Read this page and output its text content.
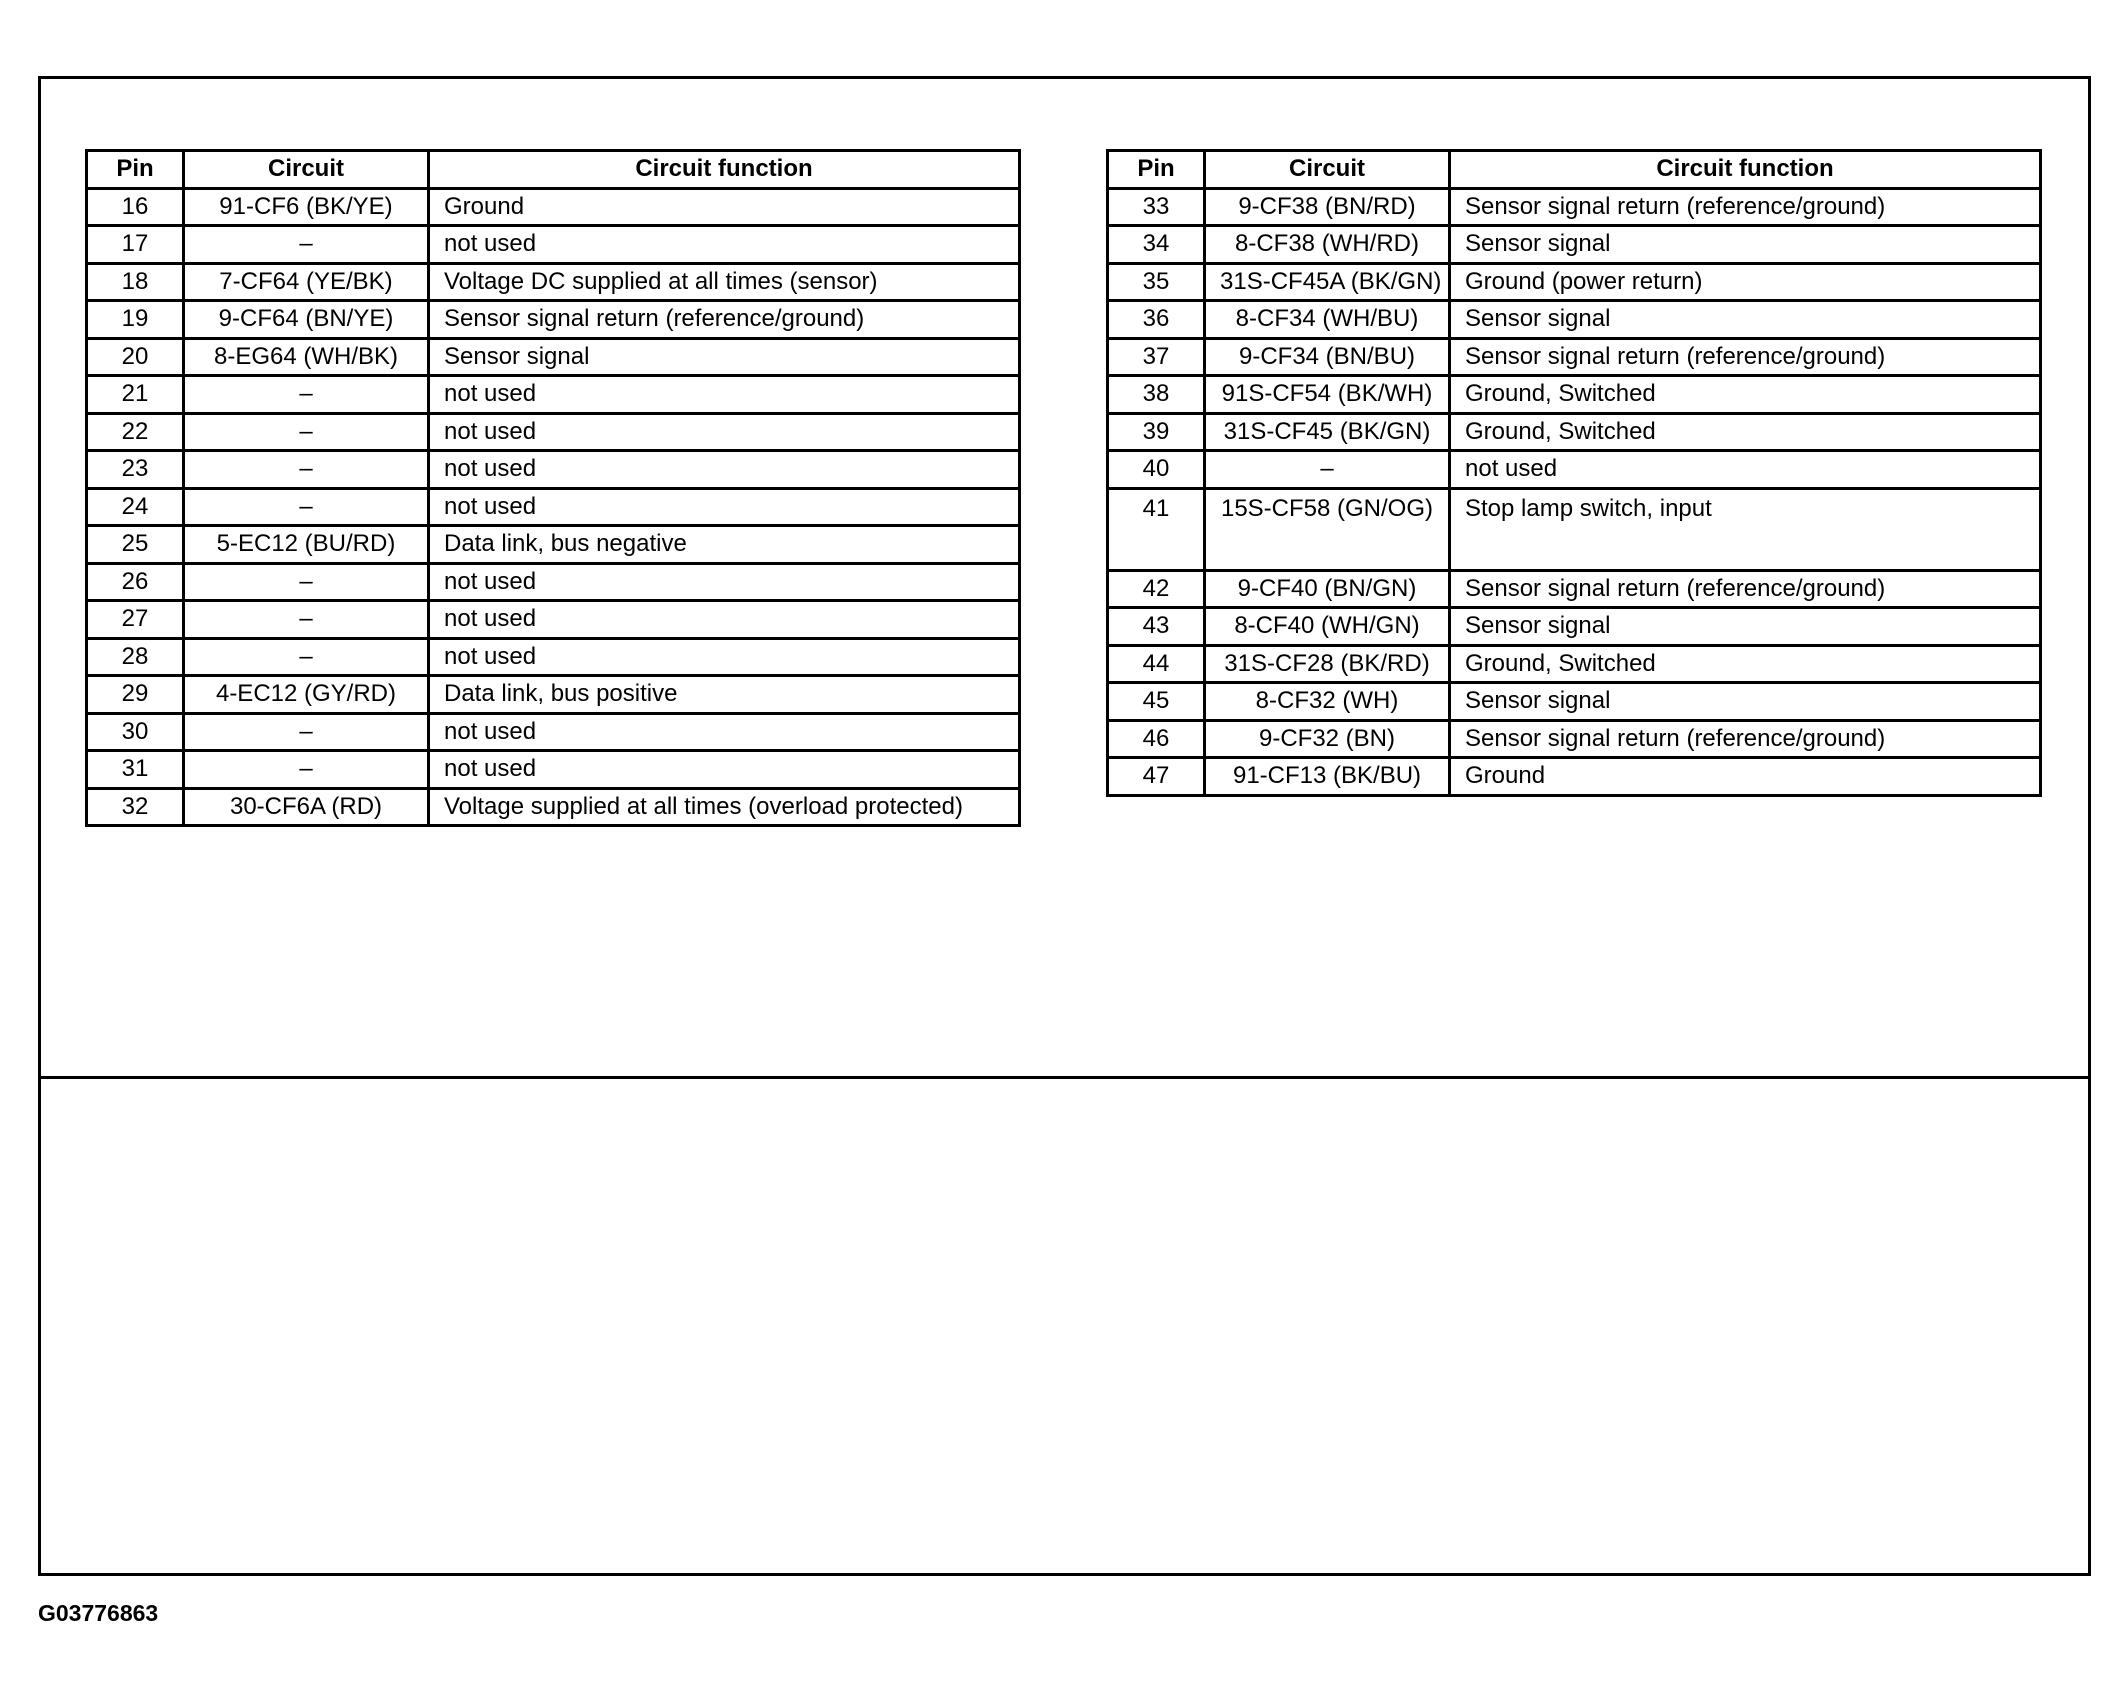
Pin	Circuit	Circuit function
16	91-CF6 (BK/YE)	Ground
17	–	not used
18	7-CF64 (YE/BK)	Voltage DC supplied at all times (sensor)
19	9-CF64 (BN/YE)	Sensor signal return (reference/ground)
20	8-EG64 (WH/BK)	Sensor signal
21	–	not used
22	–	not used
23	–	not used
24	–	not used
25	5-EC12 (BU/RD)	Data link, bus negative
26	–	not used
27	–	not used
28	–	not used
29	4-EC12 (GY/RD)	Data link, bus positive
30	–	not used
31	–	not used
32	30-CF6A (RD)	Voltage supplied at all times (overload protected)
Pin	Circuit	Circuit function
33	9-CF38 (BN/RD)	Sensor signal return (reference/ground)
34	8-CF38 (WH/RD)	Sensor signal
35	31S-CF45A (BK/GN)	Ground (power return)
36	8-CF34 (WH/BU)	Sensor signal
37	9-CF34 (BN/BU)	Sensor signal return (reference/ground)
38	91S-CF54 (BK/WH)	Ground, Switched
39	31S-CF45 (BK/GN)	Ground, Switched
40	–	not used
41	15S-CF58 (GN/OG)	Stop lamp switch, input
42	9-CF40 (BN/GN)	Sensor signal return (reference/ground)
43	8-CF40 (WH/GN)	Sensor signal
44	31S-CF28 (BK/RD)	Ground, Switched
45	8-CF32 (WH)	Sensor signal
46	9-CF32 (BN)	Sensor signal return (reference/ground)
47	91-CF13 (BK/BU)	Ground
G03776863
